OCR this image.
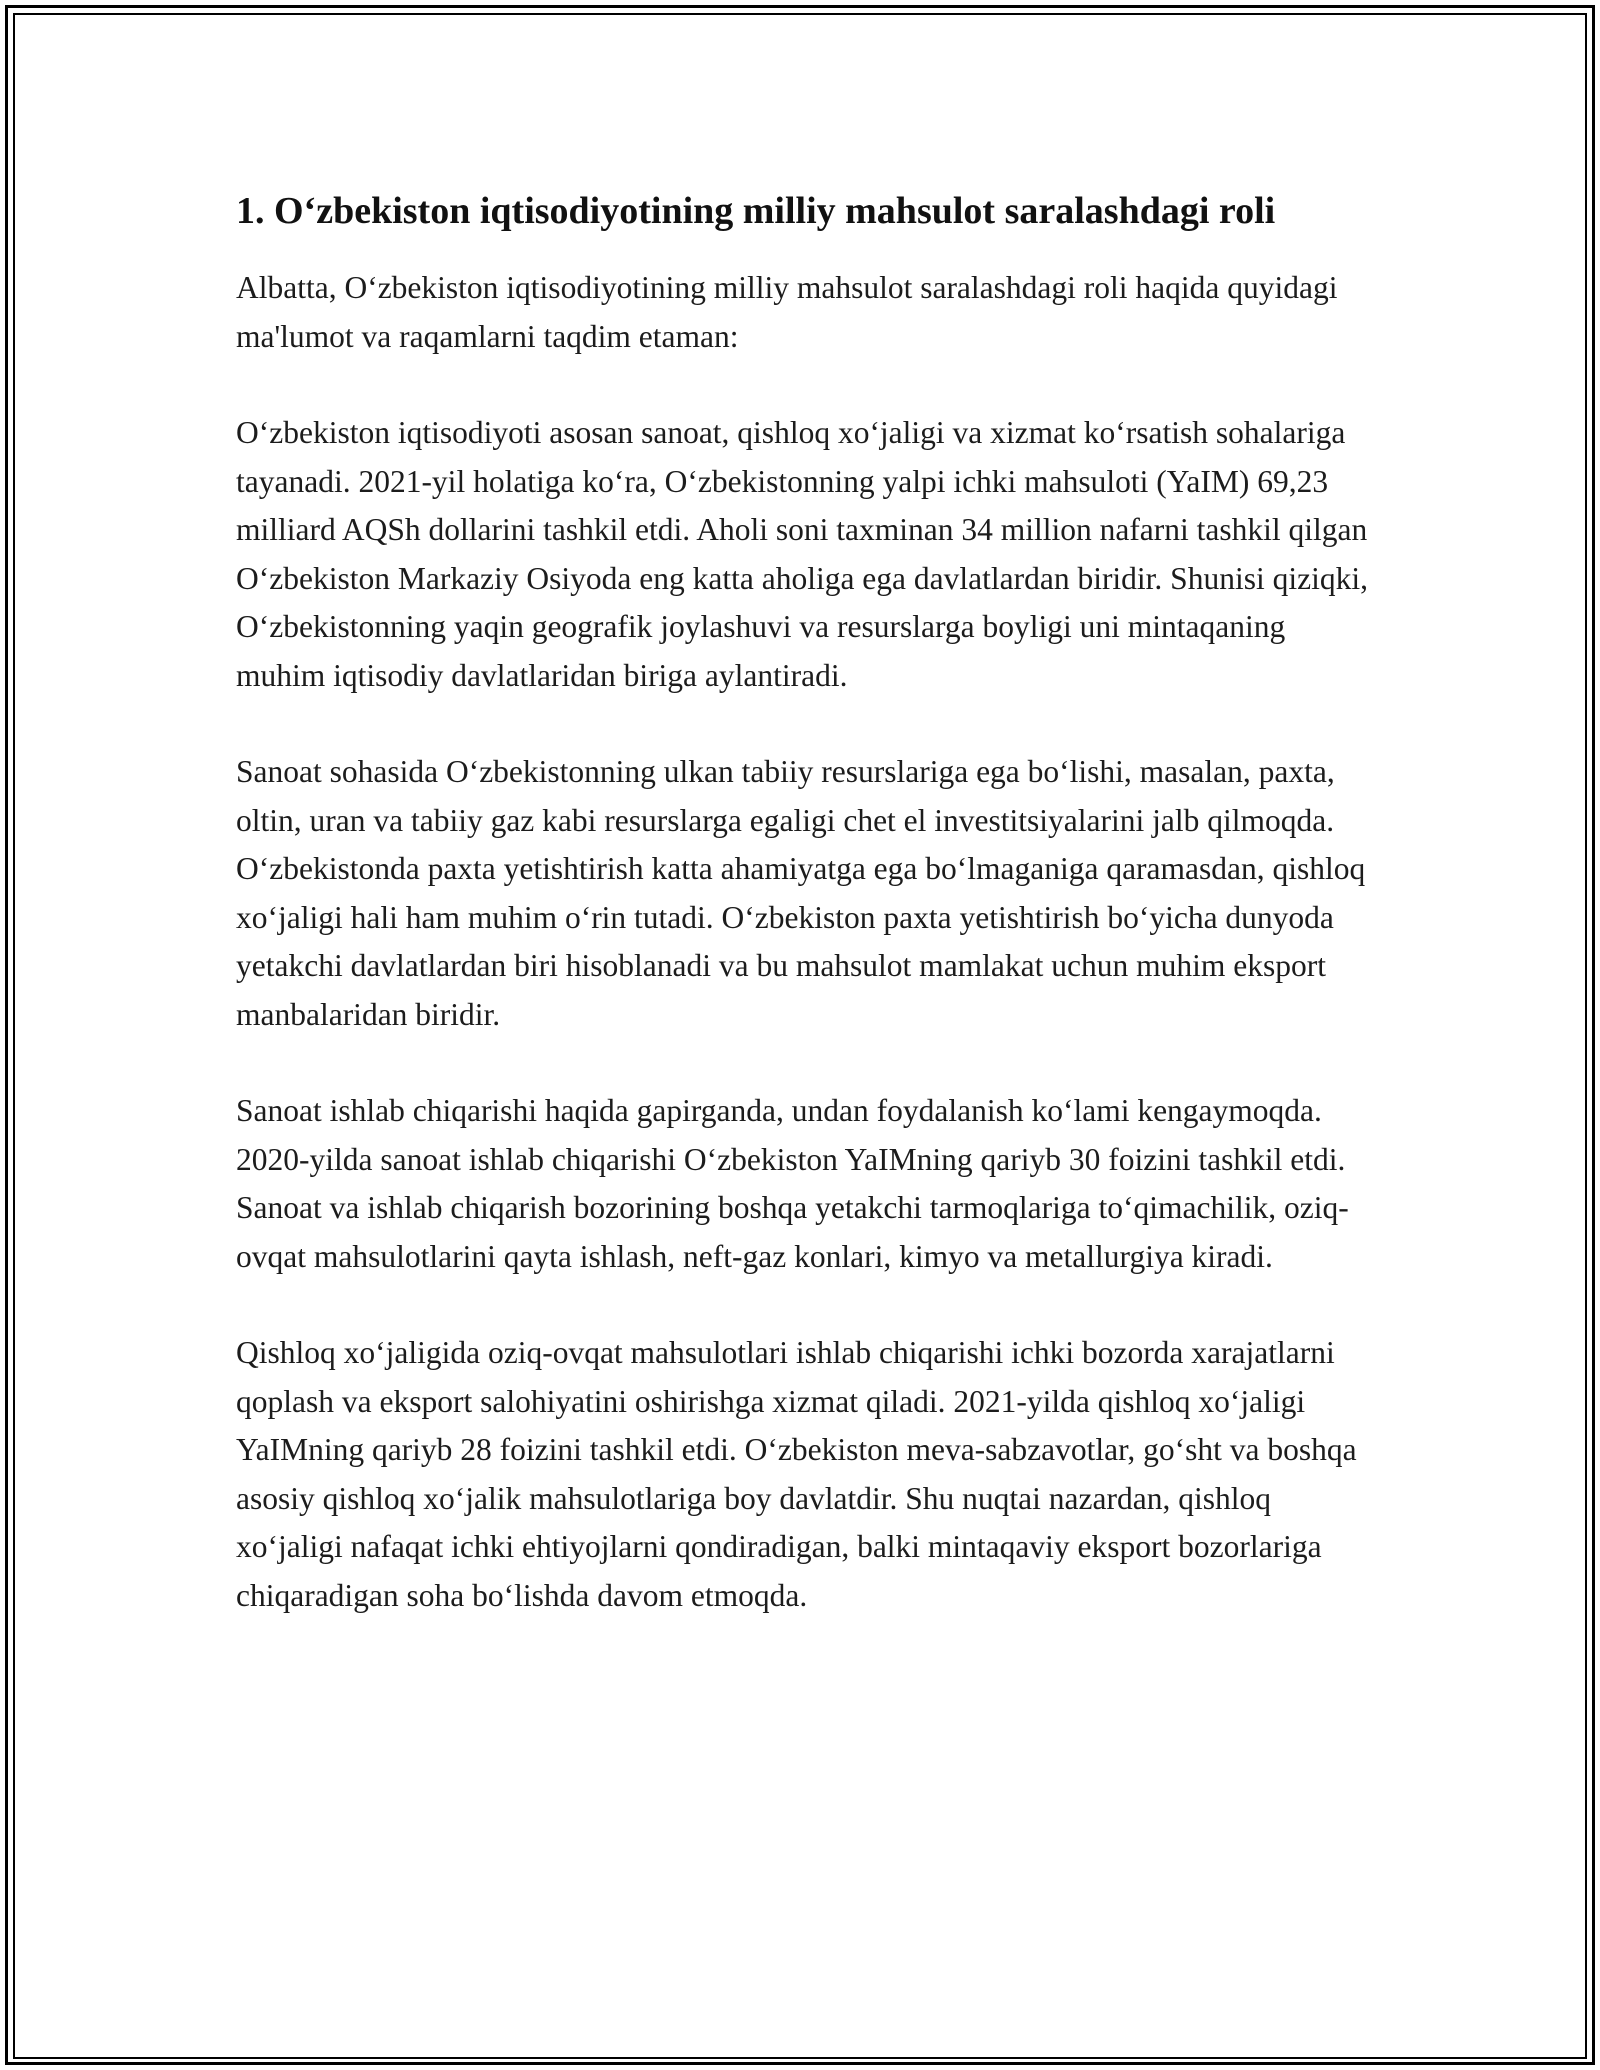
1. O‘zbekiston iqtisodiyotining milliy mahsulot saralashdagi roli

Albatta, O‘zbekiston iqtisodiyotining milliy mahsulot saralashdagi roli haqida quyidagi ma'lumot va raqamlarni taqdim etaman:

O‘zbekiston iqtisodiyoti asosan sanoat, qishloq xo‘jaligi va xizmat ko‘rsatish sohalariga tayanadi. 2021-yil holatiga ko‘ra, O‘zbekistonning yalpi ichki mahsuloti (YaIM) 69,23 milliard AQSh dollarini tashkil etdi. Aholi soni taxminan 34 million nafarni tashkil qilgan O‘zbekiston Markaziy Osiyoda eng katta aholiga ega davlatlardan biridir. Shunisi qiziqki, O‘zbekistonning yaqin geografik joylashuvi va resurslarga boyligi uni mintaqaning muhim iqtisodiy davlatlaridan biriga aylantiradi.

Sanoat sohasida O‘zbekistonning ulkan tabiiy resurslariga ega bo‘lishi, masalan, paxta, oltin, uran va tabiiy gaz kabi resurslarga egaligi chet el investitsiyalarini jalb qilmoqda. O‘zbekistonda paxta yetishtirish katta ahamiyatga ega bo‘lmaganiga qaramasdan, qishloq xo‘jaligi hali ham muhim o‘rin tutadi. O‘zbekiston paxta yetishtirish bo‘yicha dunyoda yetakchi davlatlardan biri hisoblanadi va bu mahsulot mamlakat uchun muhim eksport manbalaridan biridir.

Sanoat ishlab chiqarishi haqida gapirganda, undan foydalanish ko‘lami kengaymoqda. 2020-yilda sanoat ishlab chiqarishi O‘zbekiston YaIMning qariyb 30 foizini tashkil etdi. Sanoat va ishlab chiqarish bozorining boshqa yetakchi tarmoqlariga to‘qimachilik, oziq-ovqat mahsulotlarini qayta ishlash, neft-gaz konlari, kimyo va metallurgiya kiradi.

Qishloq xo‘jaligida oziq-ovqat mahsulotlari ishlab chiqarishi ichki bozorda xarajatlarni qoplash va eksport salohiyatini oshirishga xizmat qiladi. 2021-yilda qishloq xo‘jaligi YaIMning qariyb 28 foizini tashkil etdi. O‘zbekiston meva-sabzavotlar, go‘sht va boshqa asosiy qishloq xo‘jalik mahsulotlariga boy davlatdir. Shu nuqtai nazardan, qishloq xo‘jaligi nafaqat ichki ehtiyojlarni qondiradigan, balki mintaqaviy eksport bozorlariga chiqaradigan soha bo‘lishda davom etmoqda.
